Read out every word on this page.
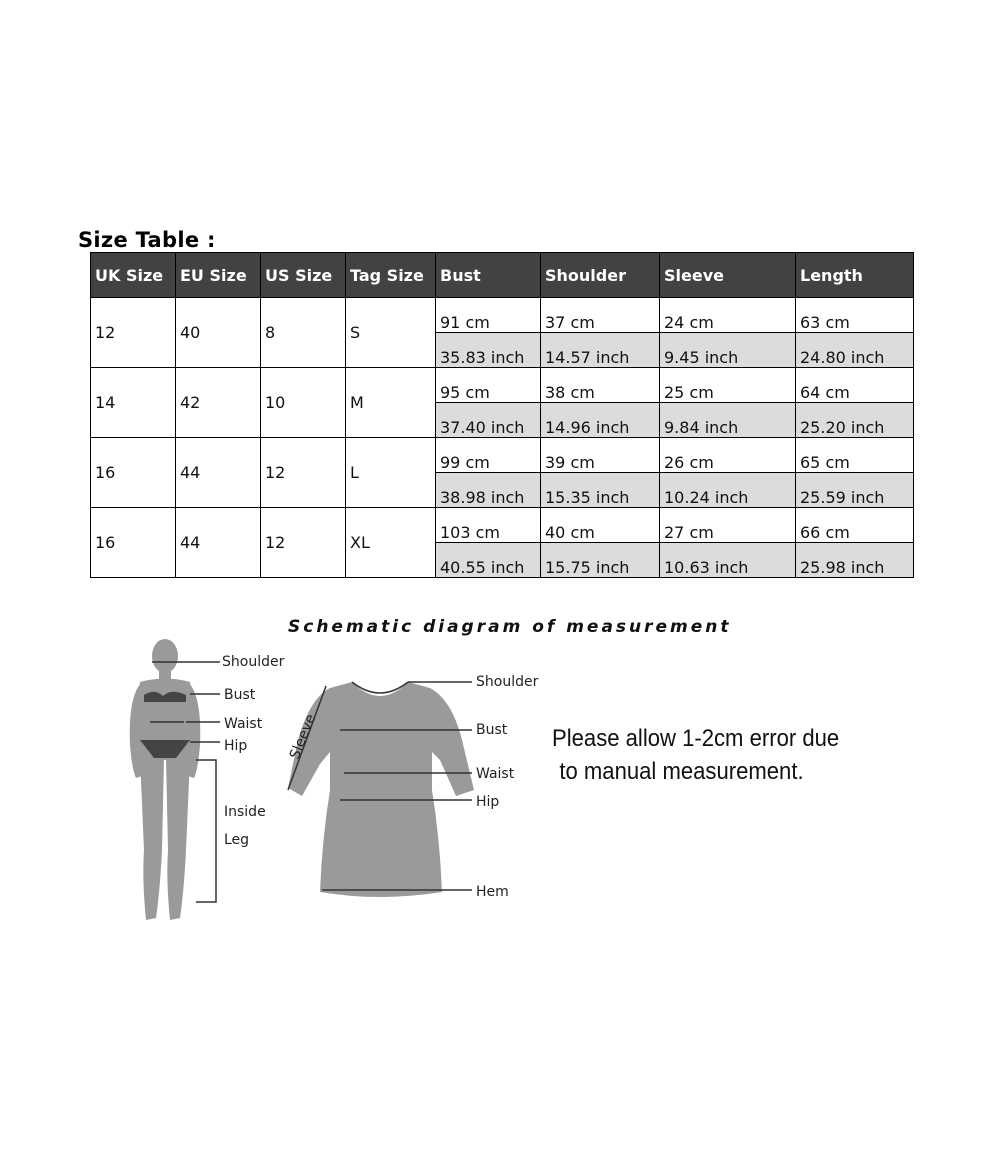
Size Table :
UK Size	EU Size	US Size	Tag Size	Bust	Shoulder	Sleeve	Length
12	40	8	S	91 cm	37 cm	24 cm	63 cm
				35.83 inch	14.57 inch	9.45 inch	24.80 inch
14	42	10	M	95 cm	38 cm	25 cm	64 cm
				37.40 inch	14.96 inch	9.84 inch	25.20 inch
16	44	12	L	99 cm	39 cm	26 cm	65 cm
				38.98 inch	15.35 inch	10.24 inch	25.59 inch
16	44	12	XL	103 cm	40 cm	27 cm	66 cm
				40.55 inch	15.75 inch	10.63 inch	25.98 inch
Schematic diagram of measurement
Shoulder
Bust
Waist
Hip
Inside
Leg
Shoulder
Bust
Waist
Hip
Hem
Sleeve	Please allow 1-2cm error due
to manual measurement.
